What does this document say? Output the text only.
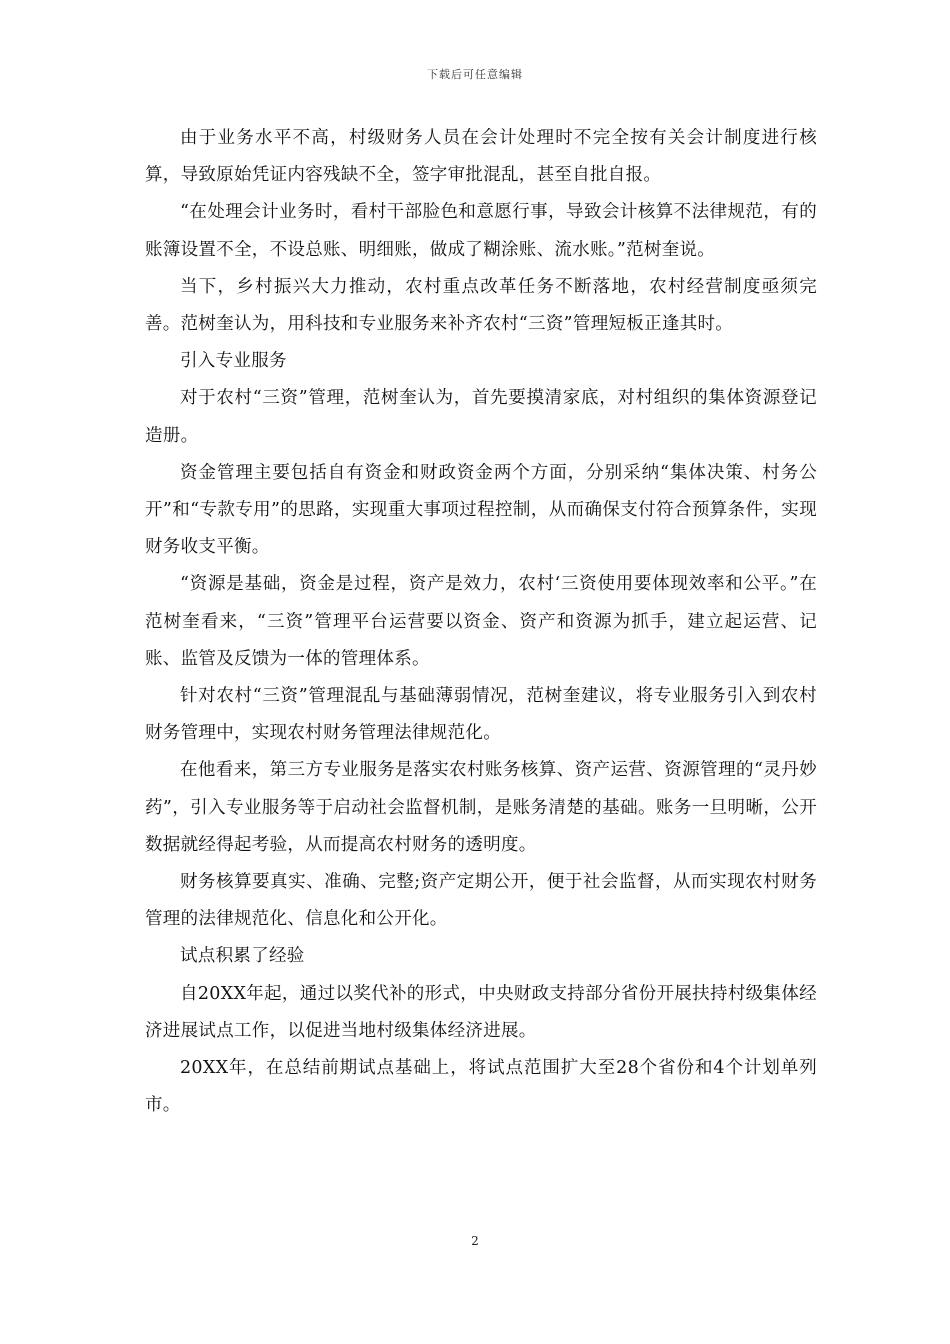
下载后可任意编辑

由于业务水平不高，村级财务人员在会计处理时不完全按有关会计制度进行核算，导致原始凭证内容残缺不全，签字审批混乱，甚至自批自报。

“在处理会计业务时，看村干部脸色和意愿行事，导致会计核算不法律规范，有的账簿设置不全，不设总账、明细账，做成了糊涂账、流水账。”范树奎说。

当下，乡村振兴大力推动，农村重点改革任务不断落地，农村经营制度亟须完善。范树奎认为，用科技和专业服务来补齐农村“三资”管理短板正逢其时。

引入专业服务

对于农村“三资”管理，范树奎认为，首先要摸清家底，对村组织的集体资源登记造册。

资金管理主要包括自有资金和财政资金两个方面，分别采纳“集体决策、村务公开”和“专款专用”的思路，实现重大事项过程控制，从而确保支付符合预算条件，实现财务收支平衡。

“资源是基础，资金是过程，资产是效力，农村‘三资使用要体现效率和公平。”在范树奎看来，“三资”管理平台运营要以资金、资产和资源为抓手，建立起运营、记账、监管及反馈为一体的管理体系。

针对农村“三资”管理混乱与基础薄弱情况，范树奎建议，将专业服务引入到农村财务管理中，实现农村财务管理法律规范化。

在他看来，第三方专业服务是落实农村账务核算、资产运营、资源管理的“灵丹妙药”，引入专业服务等于启动社会监督机制，是账务清楚的基础。账务一旦明晰，公开数据就经得起考验，从而提高农村财务的透明度。

财务核算要真实、准确、完整;资产定期公开，便于社会监督，从而实现农村财务管理的法律规范化、信息化和公开化。

试点积累了经验

自20XX年起，通过以奖代补的形式，中央财政支持部分省份开展扶持村级集体经济进展试点工作，以促进当地村级集体经济进展。

20XX年，在总结前期试点基础上，将试点范围扩大至28个省份和4个计划单列市。

2
